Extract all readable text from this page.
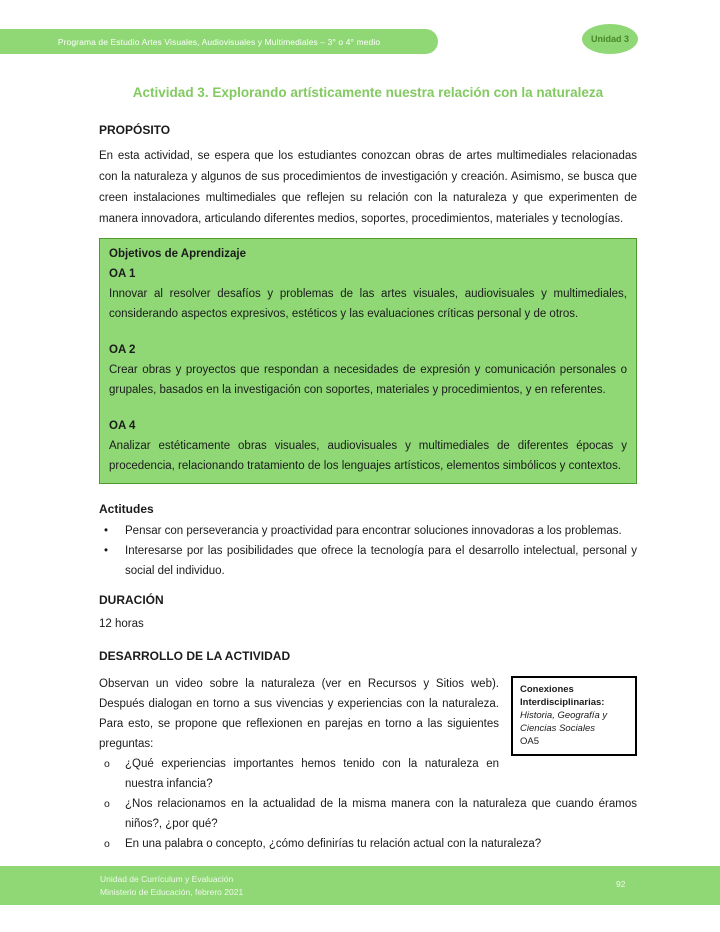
Programa de Estudio Artes Visuales, Audiovisuales y Multimediales – 3° o 4° medio	Unidad 3
Actividad 3. Explorando artísticamente nuestra relación con la naturaleza
PROPÓSITO

En esta actividad, se espera que los estudiantes conozcan obras de artes multimediales relacionadas con la naturaleza y algunos de sus procedimientos de investigación y creación. Asimismo, se busca que creen instalaciones multimediales que reflejen su relación con la naturaleza y que experimenten de manera innovadora, articulando diferentes medios, soportes, procedimientos, materiales y tecnologías.

Objetivos de Aprendizaje
OA 1

Innovar al resolver desafíos y problemas de las artes visuales, audiovisuales y multimediales, considerando aspectos expresivos, estéticos y las evaluaciones críticas personal y de otros.

OA 2

Crear obras y proyectos que respondan a necesidades de expresión y comunicación personales o grupales, basados en la investigación con soportes, materiales y procedimientos, y en referentes.

OA 4

Analizar estéticamente obras visuales, audiovisuales y multimediales de diferentes épocas y procedencia, relacionando tratamiento de los lenguajes artísticos, elementos simbólicos y contextos.

Actitudes
•	Pensar con perseverancia y proactividad para encontrar soluciones innovadoras a los problemas.
•	Interesarse por las posibilidades que ofrece la tecnología para el desarrollo intelectual, personal y social del individuo.
DURACIÓN

12 horas

DESARROLLO DE LA ACTIVIDAD

Observan un video sobre la naturaleza (ver en Recursos y Sitios web). Después dialogan en torno a sus vivencias y experiencias con la naturaleza. Para esto, se propone que reflexionen en parejas en torno a las siguientes preguntas:

o	¿Qué experiencias importantes hemos tenido con la naturaleza en nuestra infancia?
Conexiones Interdisciplinarias:
Historia, Geografía y Ciencias Sociales
OA5
o	¿Nos relacionamos en la actualidad de la misma manera con la naturaleza que cuando éramos niños?, ¿por qué?
o	En una palabra o concepto, ¿cómo definirías tu relación actual con la naturaleza?
Unidad de Currículum y Evaluación
Ministerio de Educación, febrero 2021
92
